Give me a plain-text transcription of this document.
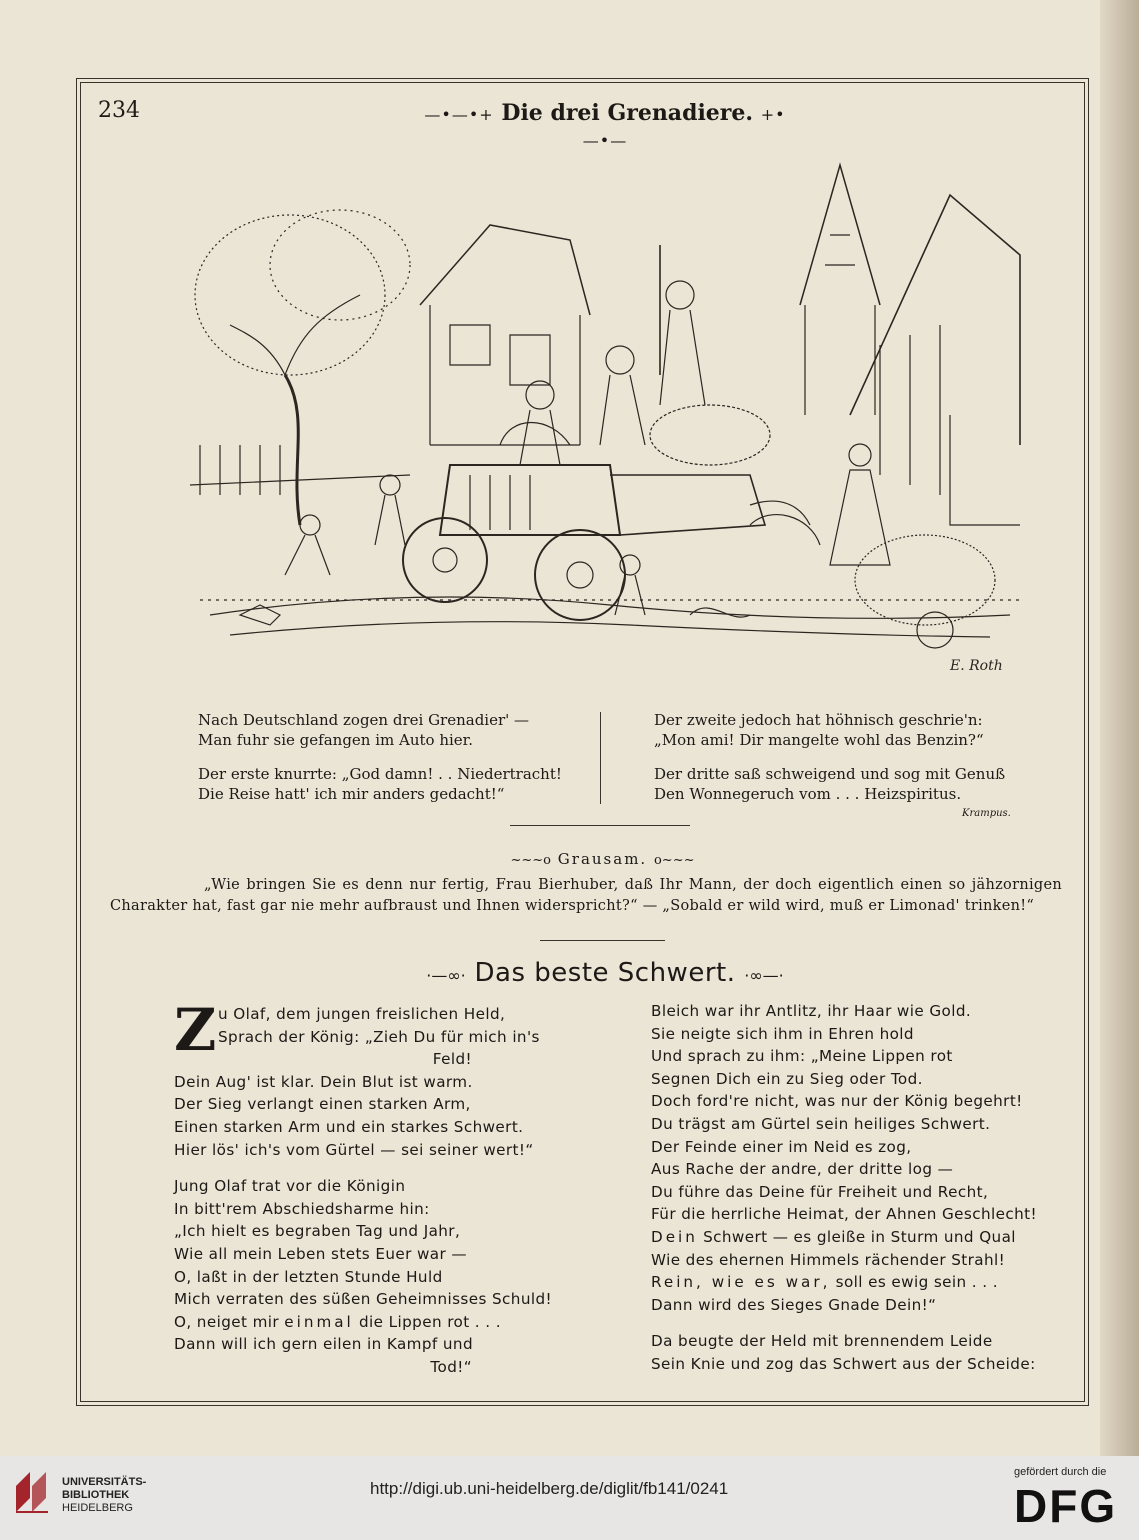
234	—•—•+ Die drei Grenadiere. +•—•—
E. Roth

Nach Deutschland zogen drei Grenadier' —

Man fuhr sie gefangen im Auto hier.

Der erste knurrte: „God damn! . . Niedertracht!

Die Reise hatt' ich mir anders gedacht!“

Der zweite jedoch hat höhnisch geschrie'n:

„Mon ami! Dir mangelte wohl das Benzin?“

Der dritte saß schweigend und sog mit Genuß

Den Wonnegeruch vom . . . Heizspiritus.

Krampus.
~~~o Grausam. o~~~

„Wie bringen Sie es denn nur fertig, Frau Bierhuber, daß Ihr Mann, der doch eigentlich einen so jähzornigen Charakter hat, fast gar nie mehr aufbraust und Ihnen widerspricht?“ — „Sobald er wild wird, muß er Limonad' trinken!“

·—∞· Das beste Schwert. ·∞—·
Z u Olaf, dem jungen freislichen Held,

Sprach der König: „Zieh Du für mich in's

Feld!

Dein Aug' ist klar. Dein Blut ist warm.

Der Sieg verlangt einen starken Arm,

Einen starken Arm und ein starkes Schwert.

Hier lös' ich's vom Gürtel — sei seiner wert!“

Jung Olaf trat vor die Königin

In bitt'rem Abschiedsharme hin:

„Ich hielt es begraben Tag und Jahr,

Wie all mein Leben stets Euer war —

O, laßt in der letzten Stunde Huld

Mich verraten des süßen Geheimnisses Schuld!

O, neiget mir einmal die Lippen rot . . .

Dann will ich gern eilen in Kampf und

Tod!“

Bleich war ihr Antlitz, ihr Haar wie Gold.

Sie neigte sich ihm in Ehren hold

Und sprach zu ihm: „Meine Lippen rot

Segnen Dich ein zu Sieg oder Tod.

Doch ford're nicht, was nur der König begehrt!

Du trägst am Gürtel sein heiliges Schwert.

Der Feinde einer im Neid es zog,

Aus Rache der andre, der dritte log —

Du führe das Deine für Freiheit und Recht,

Für die herrliche Heimat, der Ahnen Geschlecht!

Dein Schwert — es gleiße in Sturm und Qual

Wie des ehernen Himmels rächender Strahl!

Rein, wie es war, soll es ewig sein . . .

Dann wird des Sieges Gnade Dein!“

Da beugte der Held mit brennendem Leide

Sein Knie und zog das Schwert aus der Scheide:

UNIVERSITÄTS-
BIBLIOTHEK
HEIDELBERG
http://digi.ub.uni-heidelberg.de/diglit/fb141/0241
gefördert durch die
DFG
